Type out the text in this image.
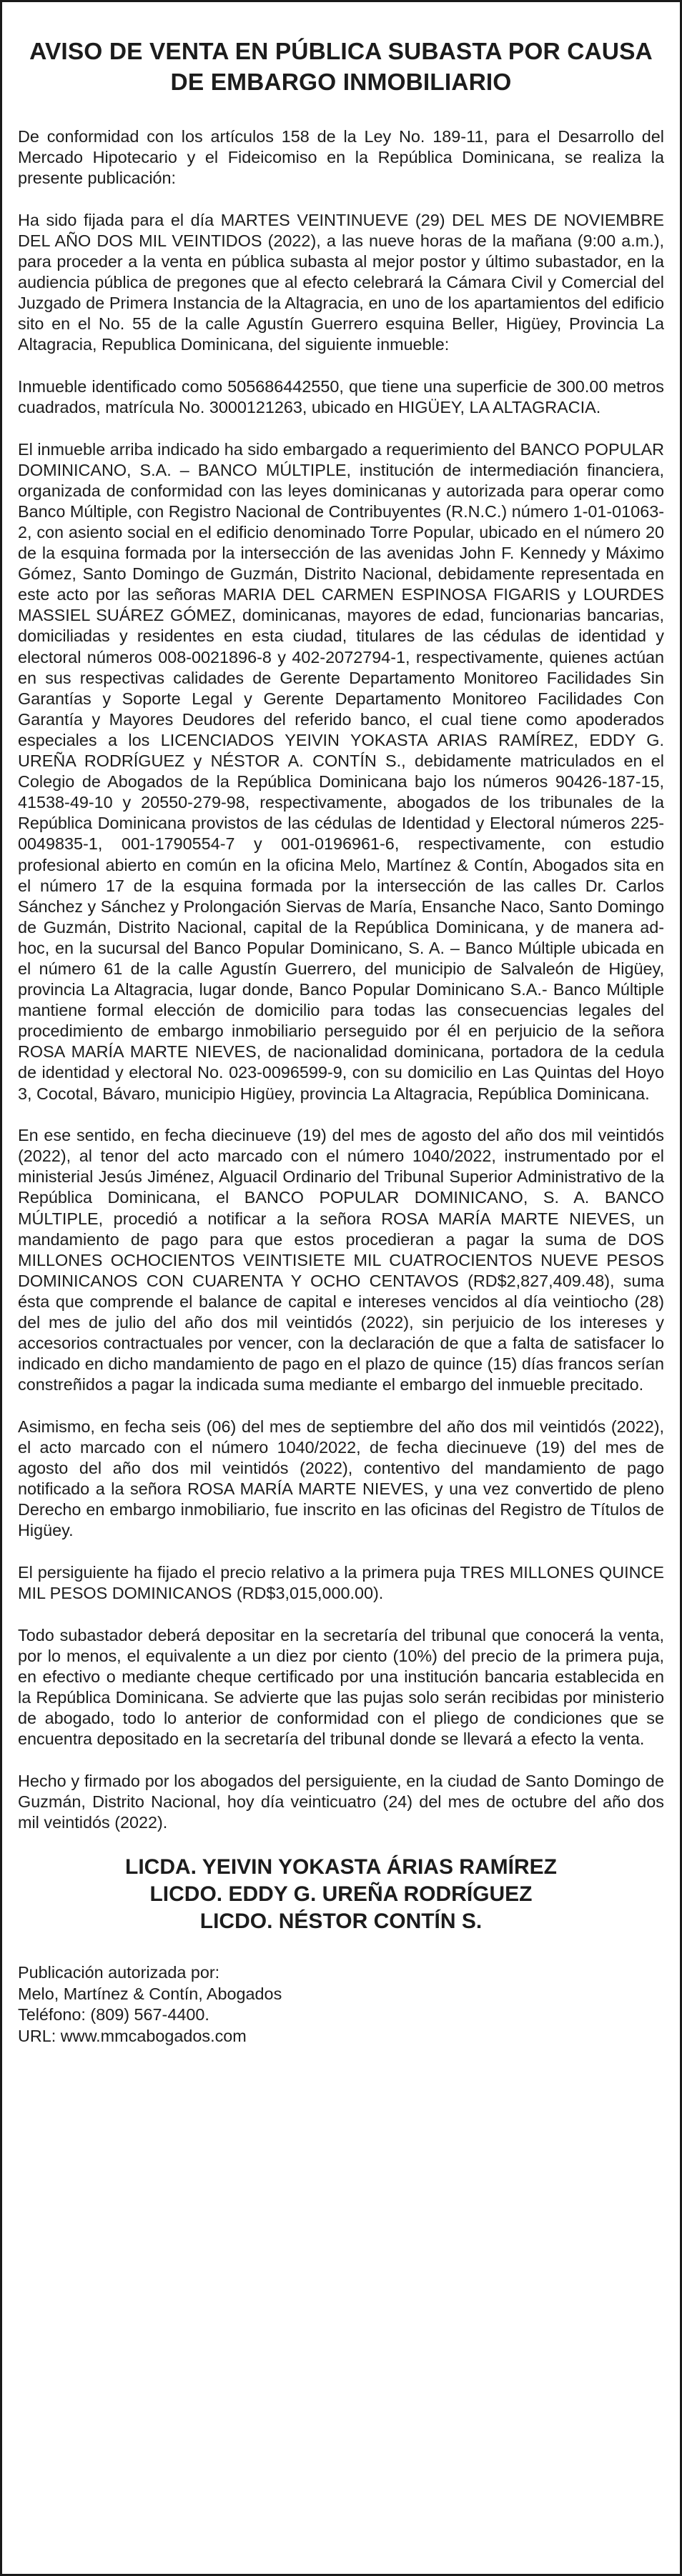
AVISO DE VENTA EN PÚBLICA SUBASTA POR CAUSA
DE EMBARGO INMOBILIARIO

De conformidad con los artículos 158 de la Ley No. 189-11, para el Desarrollo del Mercado Hipotecario y el Fideicomiso en la República Dominicana, se realiza la presente publicación:

Ha sido fijada para el día MARTES VEINTINUEVE (29) DEL MES DE NOVIEMBRE DEL AÑO DOS MIL VEINTIDOS (2022), a las nueve horas de la mañana (9:00 a.m.), para proceder a la venta en pública subasta al mejor postor y último subastador, en la audiencia pública de pregones que al efecto celebrará la Cámara Civil y Comercial del Juzgado de Primera Instancia de la Altagracia, en uno de los apartamientos del edificio sito en el No. 55 de la calle Agustín Guerrero esquina Beller, Higüey, Provincia La Altagracia, Republica Dominicana, del siguiente inmueble:

Inmueble identificado como 505686442550, que tiene una superficie de 300.00 metros cuadrados, matrícula No. 3000121263, ubicado en HIGÜEY, LA ALTAGRACIA.

El inmueble arriba indicado ha sido embargado a requerimiento del BANCO POPULAR DOMINICANO, S.A. – BANCO MÚLTIPLE, institución de intermediación financiera, organizada de conformidad con las leyes dominicanas y autorizada para operar como Banco Múltiple, con Registro Nacional de Contribuyentes (R.N.C.) número 1-01-01063-2, con asiento social en el edificio denominado Torre Popular, ubicado en el número 20 de la esquina formada por la intersección de las avenidas John F. Kennedy y Máximo Gómez, Santo Domingo de Guzmán, Distrito Nacional, debidamente representada en este acto por las señoras MARIA DEL CARMEN ESPINOSA FIGARIS y LOURDES MASSIEL SUÁREZ GÓMEZ, dominicanas, mayores de edad, funcionarias bancarias, domiciliadas y residentes en esta ciudad, titulares de las cédulas de identidad y electoral números 008-0021896-8 y 402-2072794-1, respectivamente, quienes actúan en sus respectivas calidades de Gerente Departamento Monitoreo Facilidades Sin Garantías y Soporte Legal y Gerente Departamento Monitoreo Facilidades Con Garantía y Mayores Deudores del referido banco, el cual tiene como apoderados especiales a los LICENCIADOS YEIVIN YOKASTA ARIAS RAMÍREZ, EDDY G. UREÑA RODRÍGUEZ y NÉSTOR A. CONTÍN S., debidamente matriculados en el Colegio de Abogados de la República Dominicana bajo los números 90426-187-15, 41538-49-10 y 20550-279-98, respectivamente, abogados de los tribunales de la República Dominicana provistos de las cédulas de Identidad y Electoral números 225-0049835-1, 001-1790554-7 y 001-0196961-6, respectivamente, con estudio profesional abierto en común en la oficina Melo, Martínez & Contín, Abogados sita en el número 17 de la esquina formada por la intersección de las calles Dr. Carlos Sánchez y Sánchez y Prolongación Siervas de María, Ensanche Naco, Santo Domingo de Guzmán, Distrito Nacional, capital de la República Dominicana, y de manera ad-hoc, en la sucursal del Banco Popular Dominicano, S. A. – Banco Múltiple ubicada en el número 61 de la calle Agustín Guerrero, del municipio de Salvaleón de Higüey, provincia La Altagracia, lugar donde, Banco Popular Dominicano S.A.- Banco Múltiple mantiene formal elección de domicilio para todas las consecuencias legales del procedimiento de embargo inmobiliario perseguido por él en perjuicio de la señora ROSA MARÍA MARTE NIEVES, de nacionalidad dominicana, portadora de la cedula de identidad y electoral No. 023-0096599-9, con su domicilio en Las Quintas del Hoyo 3, Cocotal, Bávaro, municipio Higüey, provincia La Altagracia, República Dominicana.

En ese sentido, en fecha diecinueve (19) del mes de agosto del año dos mil veintidós (2022), al tenor del acto marcado con el número 1040/2022, instrumentado por el ministerial Jesús Jiménez, Alguacil Ordinario del Tribunal Superior Administrativo de la República Dominicana, el BANCO POPULAR DOMINICANO, S. A. BANCO MÚLTIPLE, procedió a notificar a la señora ROSA MARÍA MARTE NIEVES, un mandamiento de pago para que estos procedieran a pagar la suma de DOS MILLONES OCHOCIENTOS VEINTISIETE MIL CUATROCIENTOS NUEVE PESOS DOMINICANOS CON CUARENTA Y OCHO CENTAVOS (RD$2,827,409.48), suma ésta que comprende el balance de capital e intereses vencidos al día veintiocho (28) del mes de julio del año dos mil veintidós (2022), sin perjuicio de los intereses y accesorios contractuales por vencer, con la declaración de que a falta de satisfacer lo indicado en dicho mandamiento de pago en el plazo de quince (15) días francos serían constreñidos a pagar la indicada suma mediante el embargo del inmueble precitado.

Asimismo, en fecha seis (06) del mes de septiembre del año dos mil veintidós (2022), el acto marcado con el número 1040/2022, de fecha diecinueve (19) del mes de agosto del año dos mil veintidós (2022), contentivo del mandamiento de pago notificado a la señora ROSA MARÍA MARTE NIEVES, y una vez convertido de pleno Derecho en embargo inmobiliario, fue inscrito en las oficinas del Registro de Títulos de Higüey.

El persiguiente ha fijado el precio relativo a la primera puja TRES MILLONES QUINCE MIL PESOS DOMINICANOS (RD$3,015,000.00).

Todo subastador deberá depositar en la secretaría del tribunal que conocerá la venta, por lo menos, el equivalente a un diez por ciento (10%) del precio de la primera puja, en efectivo o mediante cheque certificado por una institución bancaria establecida en la República Dominicana. Se advierte que las pujas solo serán recibidas por ministerio de abogado, todo lo anterior de conformidad con el pliego de condiciones que se encuentra depositado en la secretaría del tribunal donde se llevará a efecto la venta.

Hecho y firmado por los abogados del persiguiente, en la ciudad de Santo Domingo de Guzmán, Distrito Nacional, hoy día veinticuatro (24) del mes de octubre del año dos mil veintidós (2022).

LICDA. YEIVIN YOKASTA ÁRIAS RAMÍREZ
LICDO. EDDY G. UREÑA RODRÍGUEZ
LICDO. NÉSTOR CONTÍN S.
Publicación autorizada por:
Melo, Martínez & Contín, Abogados
Teléfono: (809) 567-4400.
URL: www.mmcabogados.com
